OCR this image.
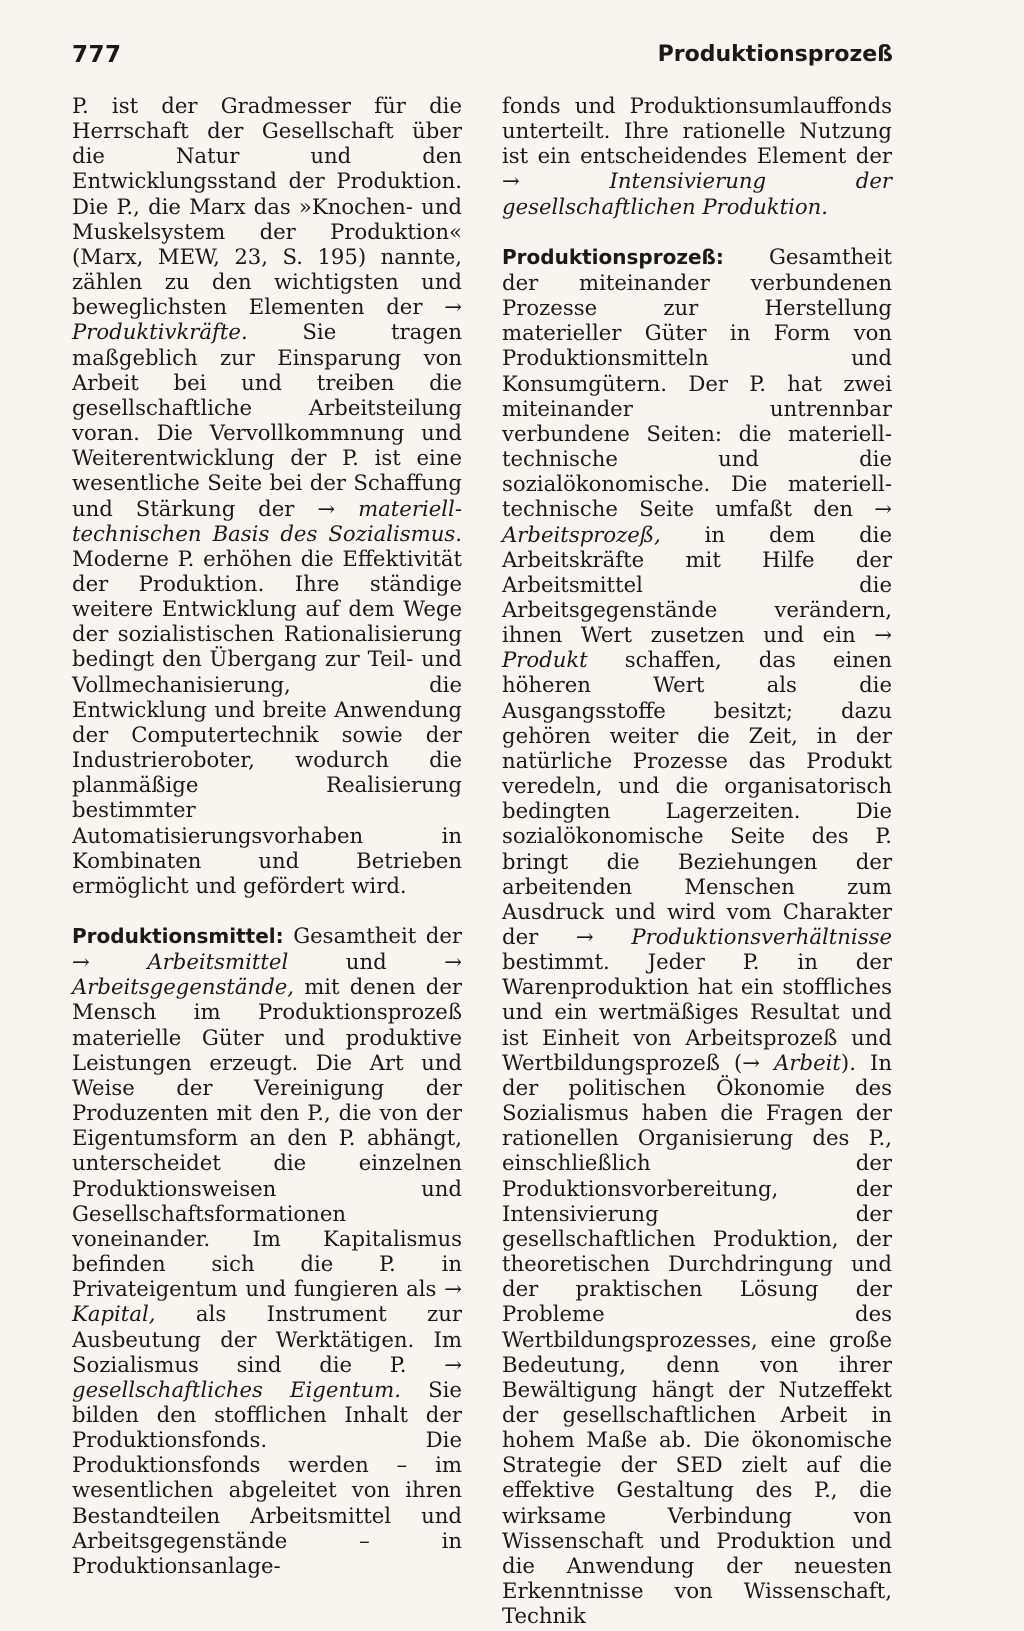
777	Produktionsprozeß

P. ist der Gradmesser für die Herrschaft der Gesellschaft über die Natur und den Entwicklungsstand der Produktion. Die P., die Marx das »Knochen- und Muskelsystem der Produktion« (Marx, MEW, 23, S. 195) nannte, zählen zu den wichtigsten und beweglichsten Elementen der → Produktivkräfte.	Sie tragen maßgeblich zur Einsparung von Arbeit bei und treiben die gesellschaftliche Arbeitsteilung voran. Die Vervollkommnung und Weiterentwicklung der P. ist eine wesentliche Seite bei der Schaffung und Stärkung der → materiell-technischen Basis des Sozialismus. Moderne P. erhöhen die Effektivität der Produktion. Ihre ständige weitere Entwicklung auf dem Wege der sozialistischen Rationalisierung bedingt den Übergang zur Teil- und Vollmechanisierung, die Entwicklung und breite Anwendung der Computertechnik sowie der Industrieroboter, wodurch die planmäßige Realisierung bestimmter Automatisierungsvorhaben in Kombinaten und Betrieben ermöglicht und gefördert wird.

Produktionsmittel: Gesamtheit der →	Arbeitsmittel	und	→ Arbeitsgegenstände, mit denen der Mensch im Produktionsprozeß materielle Güter und produktive Leistungen erzeugt. Die Art und Weise der Vereinigung der Produzenten mit den P., die von der Eigentumsform an den P. abhängt, unterscheidet die einzelnen Produktionsweisen und Gesellschaftsformationen voneinander. Im Kapitalismus befinden sich die P. in Privateigentum und fungieren als → Kapital, als Instrument zur Ausbeutung der Werktätigen. Im Sozialismus sind die P. → gesellschaftliches Eigentum. Sie bilden den stofflichen Inhalt der Produktionsfonds. Die Produktionsfonds werden – im wesentlichen abgeleitet von ihren Bestandteilen Arbeitsmittel und Arbeitsgegenstände – in Produktionsanlage-

fonds und Produktionsumlauffonds unterteilt. Ihre rationelle Nutzung ist ein entscheidendes Element der →	Intensivierung der gesellschaftlichen Produktion.

Produktionsprozeß: Gesamtheit der miteinander verbundenen Prozesse zur Herstellung materieller Güter in Form von Produktionsmitteln und Konsumgütern. Der P. hat zwei miteinander untrennbar verbundene Seiten: die materiell-technische und die sozialökonomische. Die materiell-technische Seite umfaßt den → Arbeitsprozeß, in dem die Arbeitskräfte mit Hilfe der Arbeitsmittel die Arbeitsgegenstände verändern, ihnen Wert zusetzen und ein → Produkt schaffen, das einen höheren Wert als die Ausgangsstoffe besitzt; dazu gehören weiter die Zeit, in der natürliche Prozesse das Produkt veredeln, und die organisatorisch bedingten Lagerzeiten. Die sozialökonomische Seite des P. bringt die Beziehungen der arbeitenden Menschen zum Ausdruck und wird vom Charakter der → Produktionsverhältnisse bestimmt. Jeder P. in der Warenproduktion hat ein stoffliches und ein wertmäßiges Resultat und ist Einheit von Arbeitsprozeß und Wertbildungsprozeß (→ Arbeit). In der politischen Ökonomie des Sozialismus haben die Fragen der rationellen Organisierung des P., einschließlich der Produktionsvorbereitung, der Intensivierung der gesellschaftlichen Produktion, der theoretischen Durchdringung und der praktischen Lösung der Probleme des Wertbildungsprozesses, eine große Bedeutung, denn von ihrer Bewältigung hängt der Nutzeffekt der gesellschaftlichen Arbeit in hohem Maße ab. Die ökonomische Strategie der SED zielt auf die effektive Gestaltung des P., die wirksame Verbindung von Wissenschaft und Produktion und die Anwendung der neuesten Erkenntnisse von Wissenschaft, Technik
